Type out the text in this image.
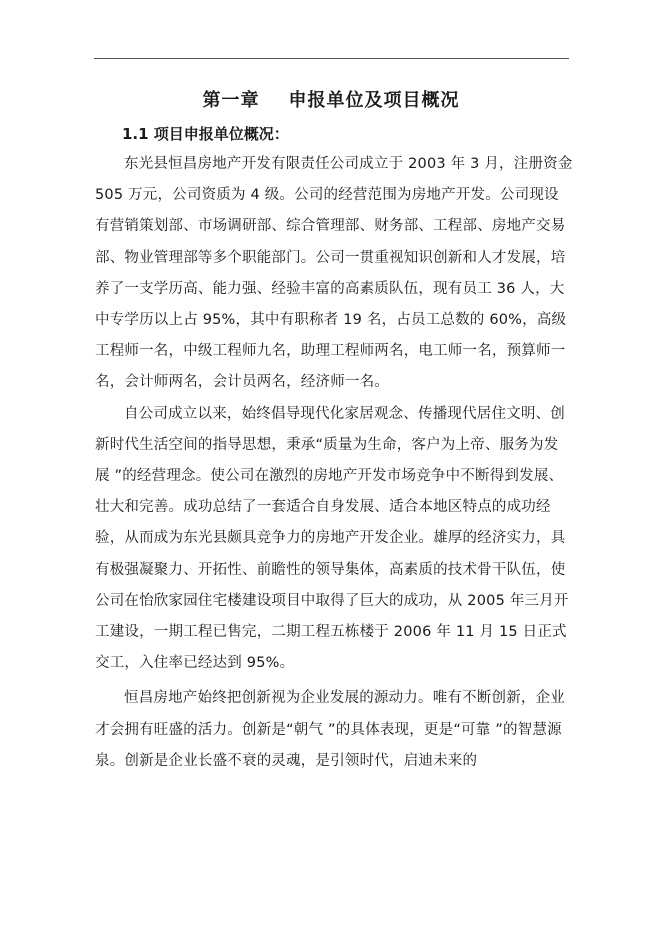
第一章    申报单位及项目概况
1.1 项目申报单位概况：

东光县恒昌房地产开发有限责任公司成立于 2003 年 3 月，注册资金 505 万元，公司资质为 4 级。公司的经营范围为房地产开发。公司现设有营销策划部、市场调研部、综合管理部、财务部、工程部、房地产交易部、物业管理部等多个职能部门。公司一贯重视知识创新和人才发展，培养了一支学历高、能力强、经验丰富的高素质队伍，现有员工 36 人，大中专学历以上占 95%，其中有职称者 19 名，占员工总数的 60%，高级工程师一名，中级工程师九名，助理工程师两名，电工师一名，预算师一名，会计师两名，会计员两名，经济师一名。

自公司成立以来，始终倡导现代化家居观念、传播现代居住文明、创新时代生活空间的指导思想，秉承“质量为生命，客户为上帝、服务为发展 ”的经营理念。使公司在激烈的房地产开发市场竞争中不断得到发展、壮大和完善。成功总结了一套适合自身发展、适合本地区特点的成功经验，从而成为东光县颇具竞争力的房地产开发企业。雄厚的经济实力，具有极强凝聚力、开拓性、前瞻性的领导集体，高素质的技术骨干队伍，使公司在怡欣家园住宅楼建设项目中取得了巨大的成功，从 2005 年三月开工建设，一期工程已售完，二期工程五栋楼于 2006 年 11 月 15 日正式交工，入住率已经达到 95%。

恒昌房地产始终把创新视为企业发展的源动力。唯有不断创新，企业才会拥有旺盛的活力。创新是“朝气 ”的具体表现，更是“可靠 ”的智慧源泉。创新是企业长盛不衰的灵魂，是引领时代，启迪未来的
